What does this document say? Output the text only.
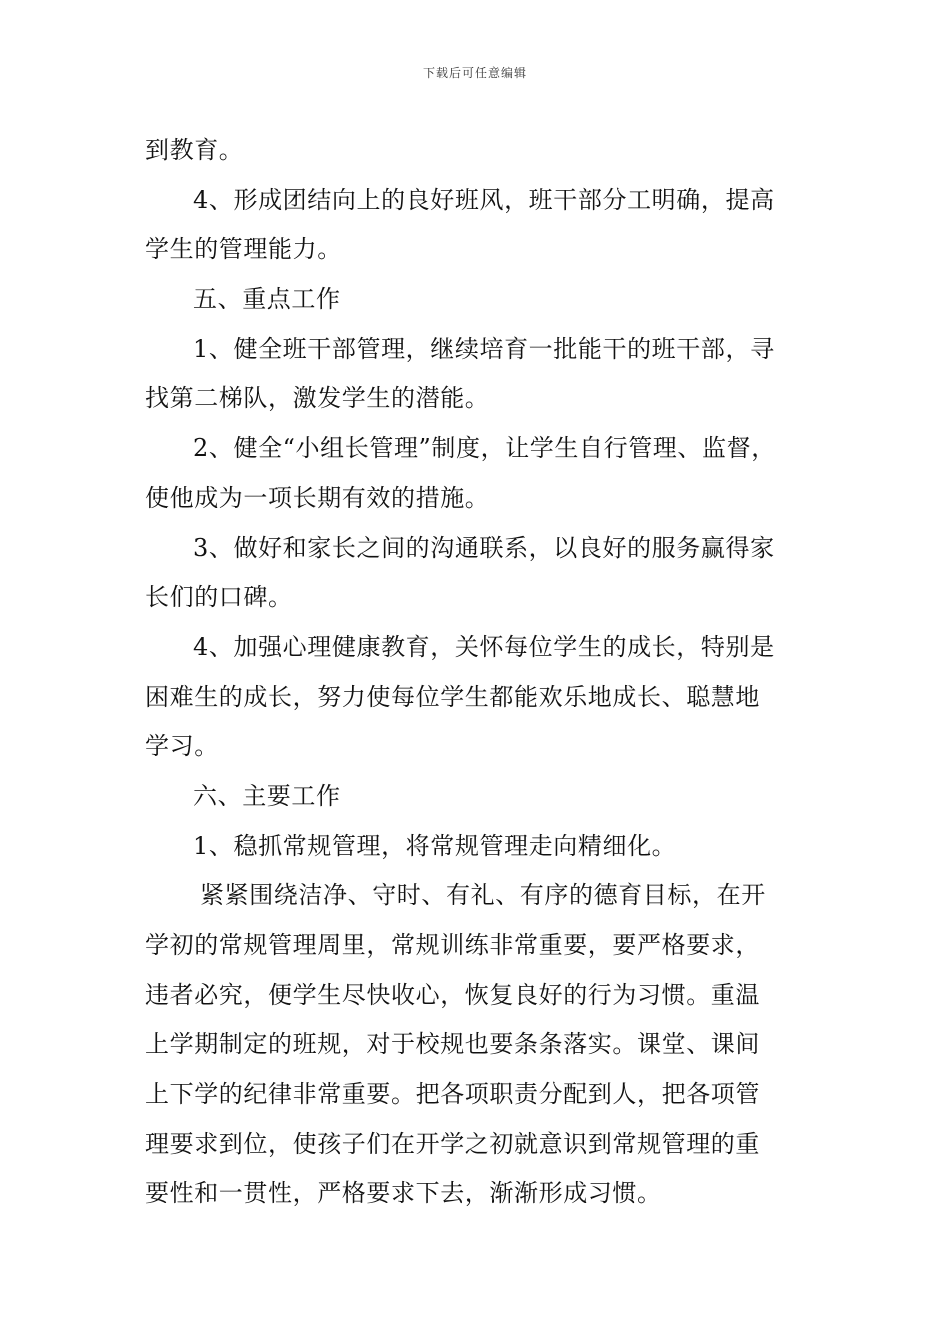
下载后可任意编辑
到教育。
4、形成团结向上的良好班风，班干部分工明确，提高
学生的管理能力。
五、重点工作
1、健全班干部管理，继续培育一批能干的班干部，寻
找第二梯队，激发学生的潜能。
2、健全“小组长管理”制度，让学生自行管理、监督，
使他成为一项长期有效的措施。
3、做好和家长之间的沟通联系，以良好的服务赢得家
长们的口碑。
4、加强心理健康教育，关怀每位学生的成长，特别是
困难生的成长，努力使每位学生都能欢乐地成长、聪慧地
学习。
六、主要工作
1、稳抓常规管理，将常规管理走向精细化。
紧紧围绕洁净、守时、有礼、有序的德育目标，在开
学初的常规管理周里，常规训练非常重要，要严格要求，
违者必究，便学生尽快收心，恢复良好的行为习惯。重温
上学期制定的班规，对于校规也要条条落实。课堂、课间
上下学的纪律非常重要。把各项职责分配到人，把各项管
理要求到位，使孩子们在开学之初就意识到常规管理的重
要性和一贯性，严格要求下去，渐渐形成习惯。
